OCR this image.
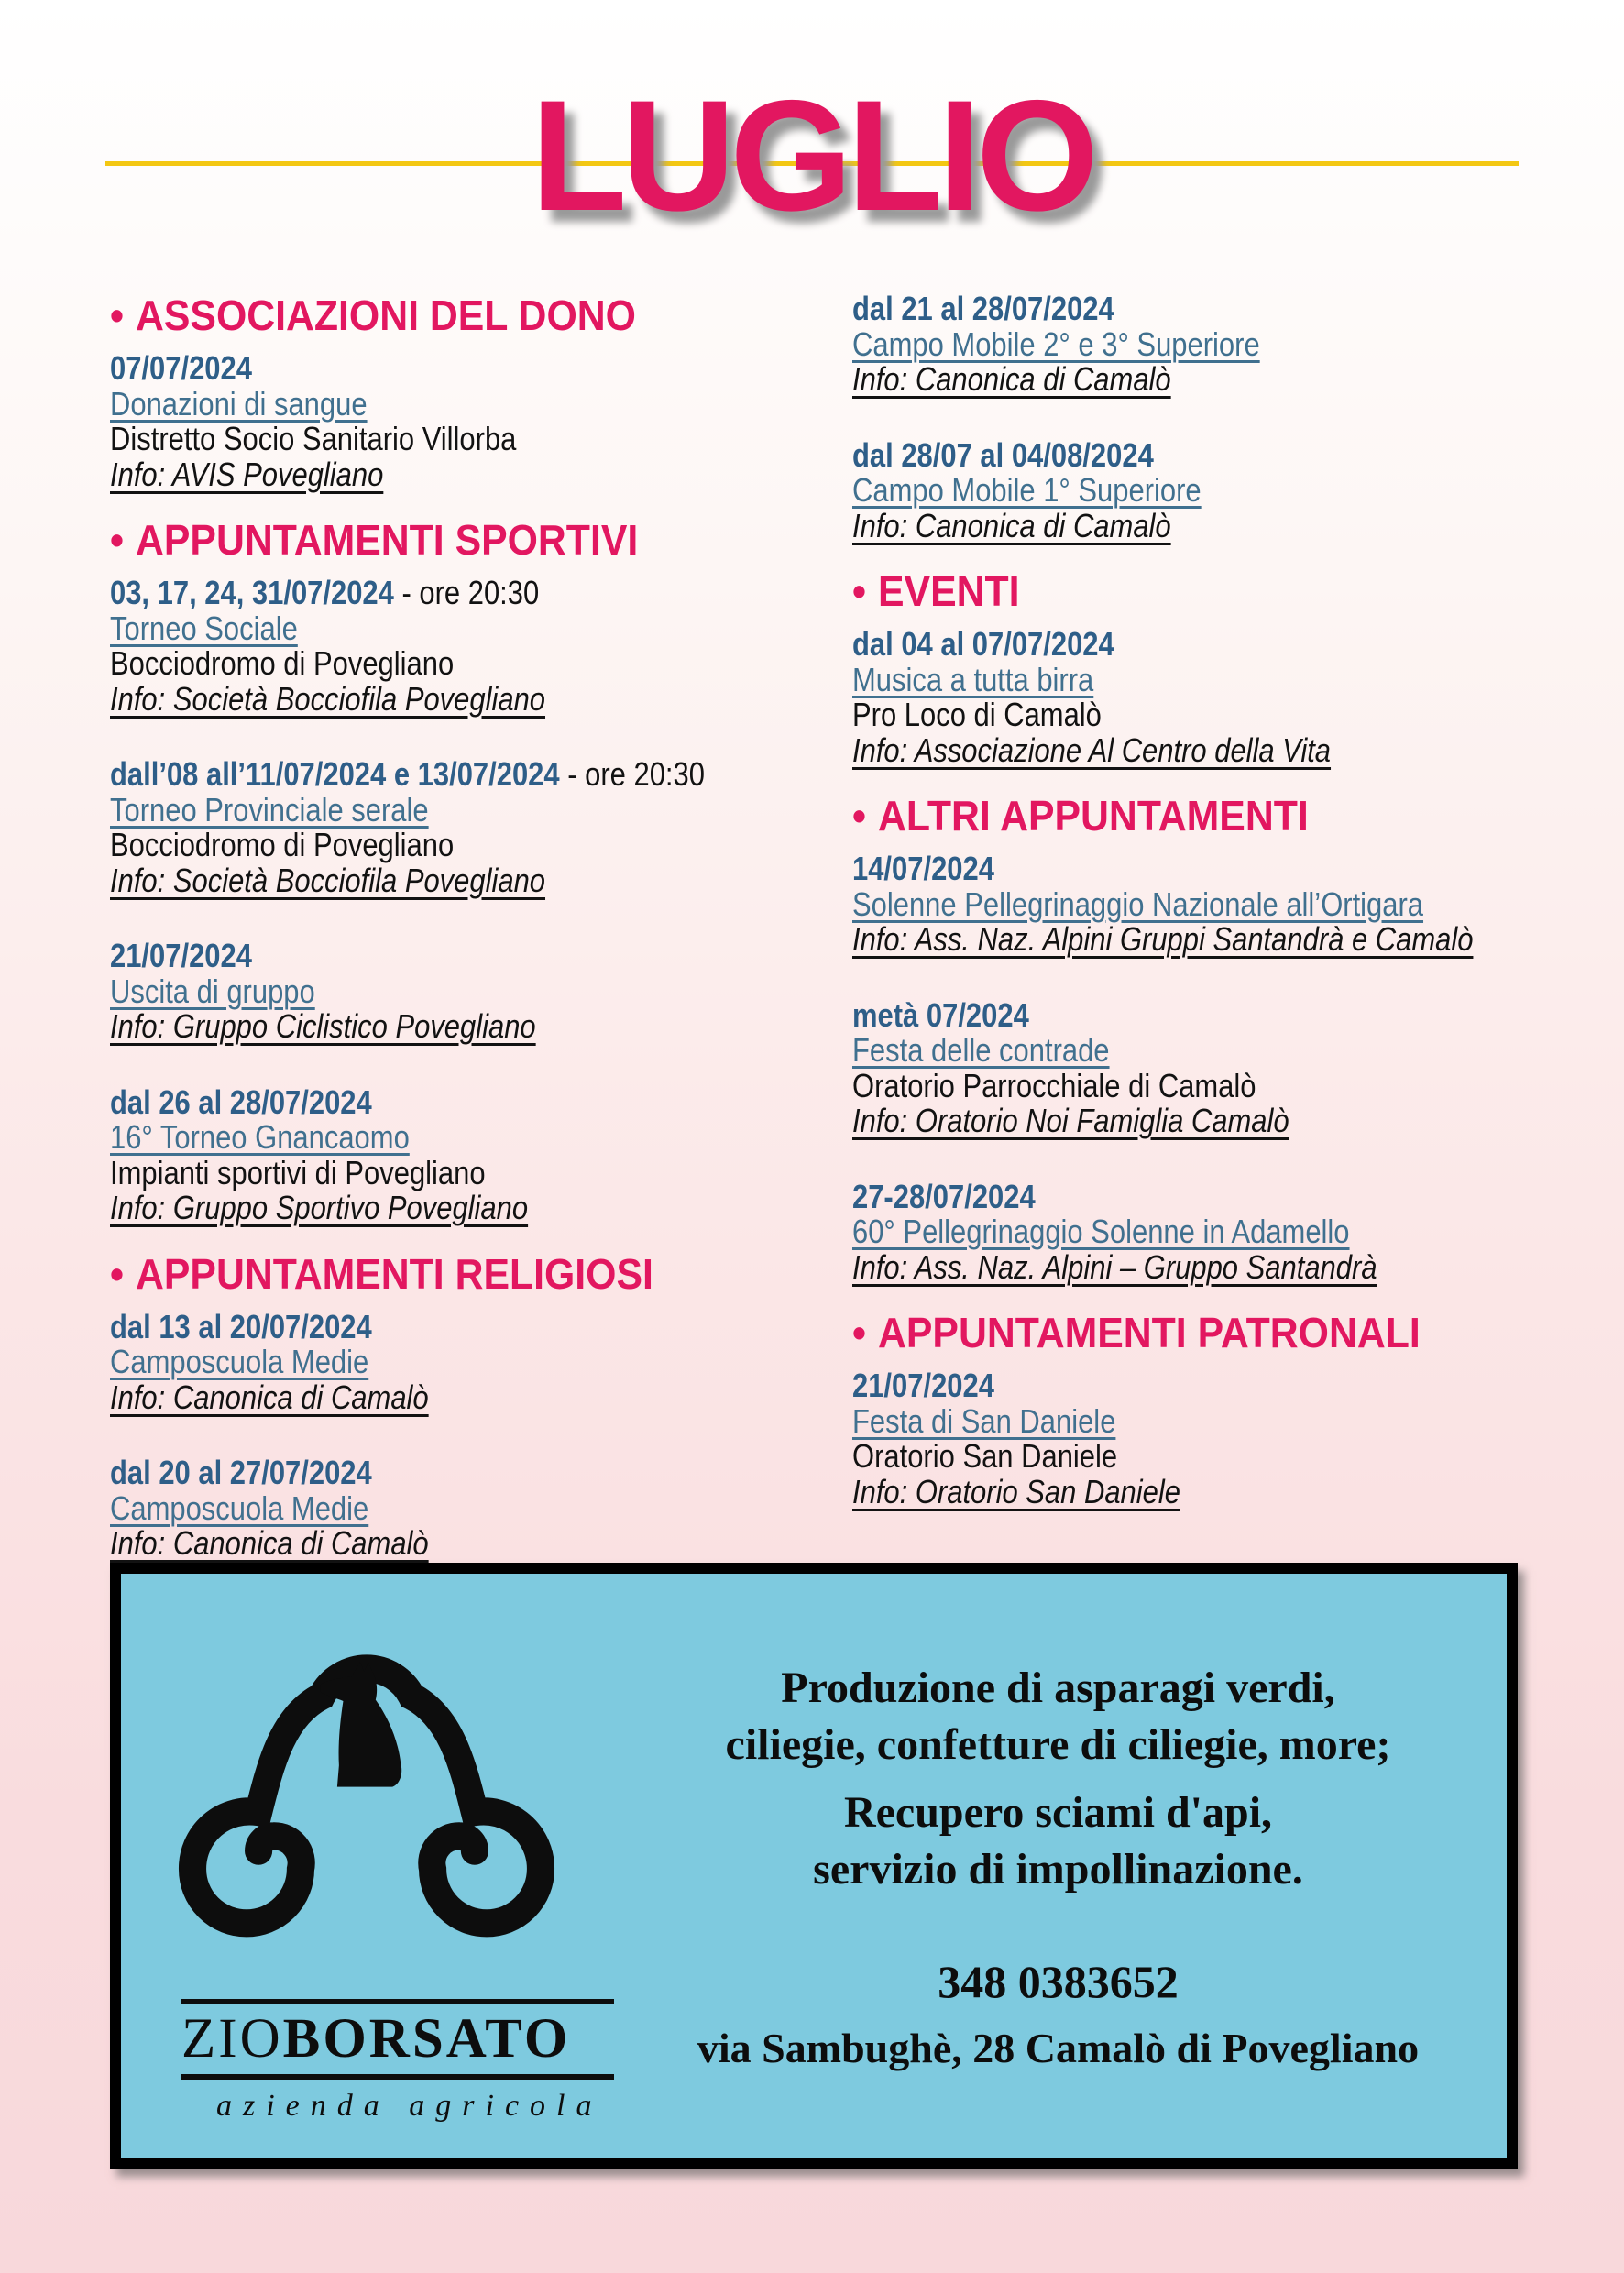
LUGLIO
• ASSOCIAZIONI DEL DONO
07/07/2024
Donazioni di sangue
Distretto Socio Sanitario Villorba
Info: AVIS Povegliano
• APPUNTAMENTI SPORTIVI
03, 17, 24, 31/07/2024 - ore 20:30
Torneo Sociale
Bocciodromo di Povegliano
Info: Società Bocciofila Povegliano
dall’08 all’11/07/2024 e 13/07/2024 - ore 20:30
Torneo Provinciale serale
Bocciodromo di Povegliano
Info: Società Bocciofila Povegliano
21/07/2024
Uscita di gruppo
Info: Gruppo Ciclistico Povegliano
dal 26 al 28/07/2024
16° Torneo Gnancaomo
Impianti sportivi di Povegliano
Info: Gruppo Sportivo Povegliano
• APPUNTAMENTI RELIGIOSI
dal 13 al 20/07/2024
Camposcuola Medie
Info: Canonica di Camalò
dal 20 al 27/07/2024
Camposcuola Medie
Info: Canonica di Camalò
dal 21 al 28/07/2024
Campo Mobile 2° e 3° Superiore
Info: Canonica di Camalò
dal 28/07 al 04/08/2024
Campo Mobile 1° Superiore
Info: Canonica di Camalò
• EVENTI
dal 04 al 07/07/2024
Musica a tutta birra
Pro Loco di Camalò
Info: Associazione Al Centro della Vita
• ALTRI APPUNTAMENTI
14/07/2024
Solenne Pellegrinaggio Nazionale all’Ortigara
Info: Ass. Naz. Alpini Gruppi Santandrà e Camalò
metà 07/2024
Festa delle contrade
Oratorio Parrocchiale di Camalò
Info: Oratorio Noi Famiglia Camalò
27-28/07/2024
60° Pellegrinaggio Solenne in Adamello
Info: Ass. Naz. Alpini – Gruppo Santandrà
• APPUNTAMENTI PATRONALI
21/07/2024
Festa di San Daniele
Oratorio San Daniele
Info: Oratorio San Daniele
ZIOBORSATO
azienda agricola
Produzione di asparagi verdi,
ciliegie, confetture di ciliegie, more;
Recupero sciami d'api,
servizio di impollinazione.
348 0383652
via Sambughè, 28 Camalò di Povegliano
